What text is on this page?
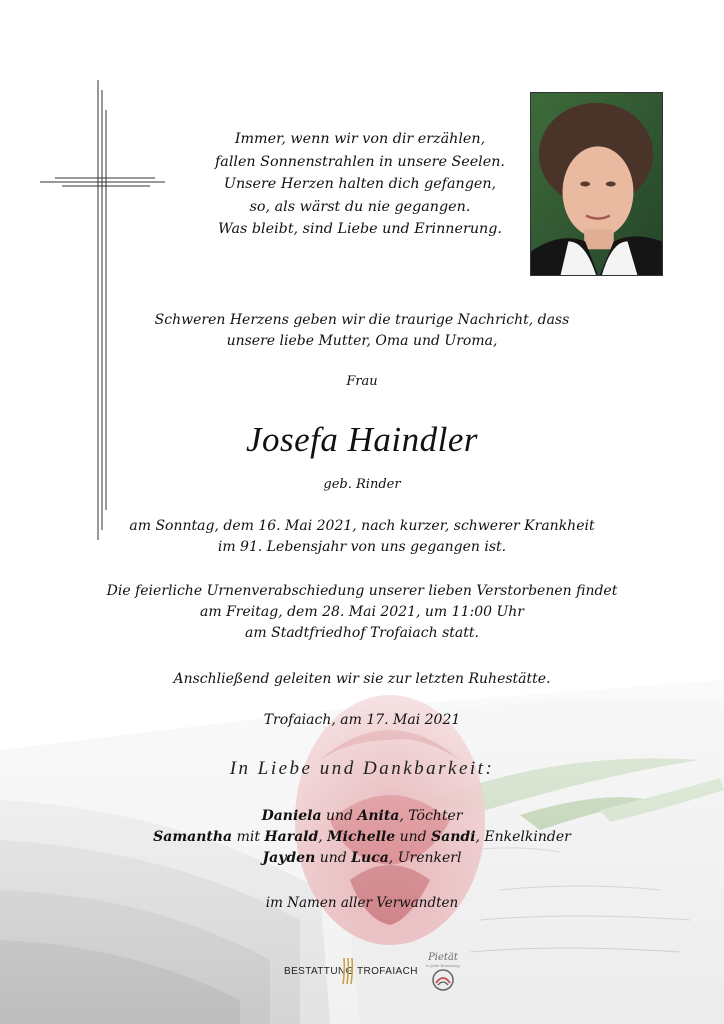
Immer, wenn wir von dir erzählen,
fallen Sonnenstrahlen in unsere Seelen.
Unsere Herzen halten dich gefangen,
so, als wärst du nie gegangen.
Was bleibt, sind Liebe und Erinnerung.
Schweren Herzens geben wir die traurige Nachricht, dass
unsere liebe Mutter, Oma und Uroma,
Frau
Josefa Haindler
geb. Rinder
am Sonntag, dem 16. Mai 2021, nach kurzer, schwerer Krankheit
im 91. Lebensjahr von uns gegangen ist.
Die feierliche Urnenverabschiedung unserer lieben Verstorbenen findet
am Freitag, dem 28. Mai 2021, um 11:00 Uhr
am Stadtfriedhof Trofaiach statt.
Anschließend geleiten wir sie zur letzten Ruhestätte.
Trofaiach, am 17. Mai 2021
In Liebe und Dankbarkeit:
Daniela und Anita, Töchter
Samantha mit Harald, Michelle und Sandi, Enkelkinder
Jayden und Luca, Urenkerl
im Namen aller Verwandten
BESTATTUNG TROFAIACH
Pietät
in jeder Beziehung
